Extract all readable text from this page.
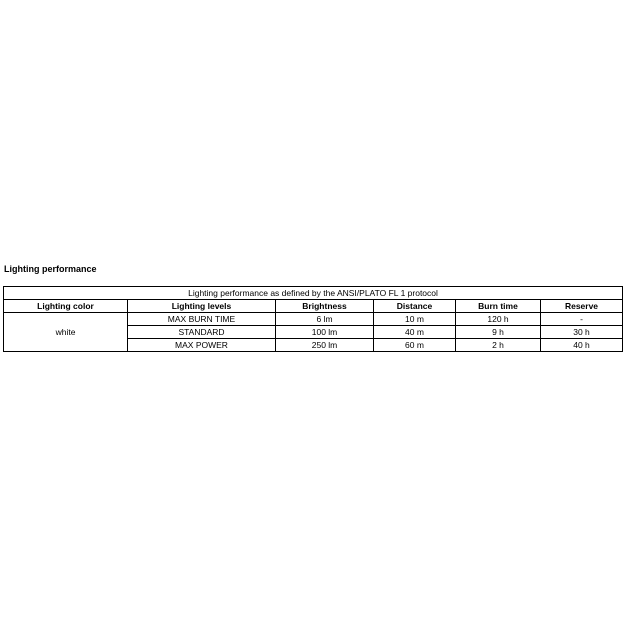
Lighting performance
Lighting performance as defined by the ANSI/PLATO FL 1 protocol					
Lighting color	Lighting levels	Brightness	Distance	Burn time	Reserve
white	MAX BURN TIME	6 lm	10 m	120 h	-
	STANDARD	100 lm	40 m	9 h	30 h
	MAX POWER	250 lm	60 m	2 h	40 h
